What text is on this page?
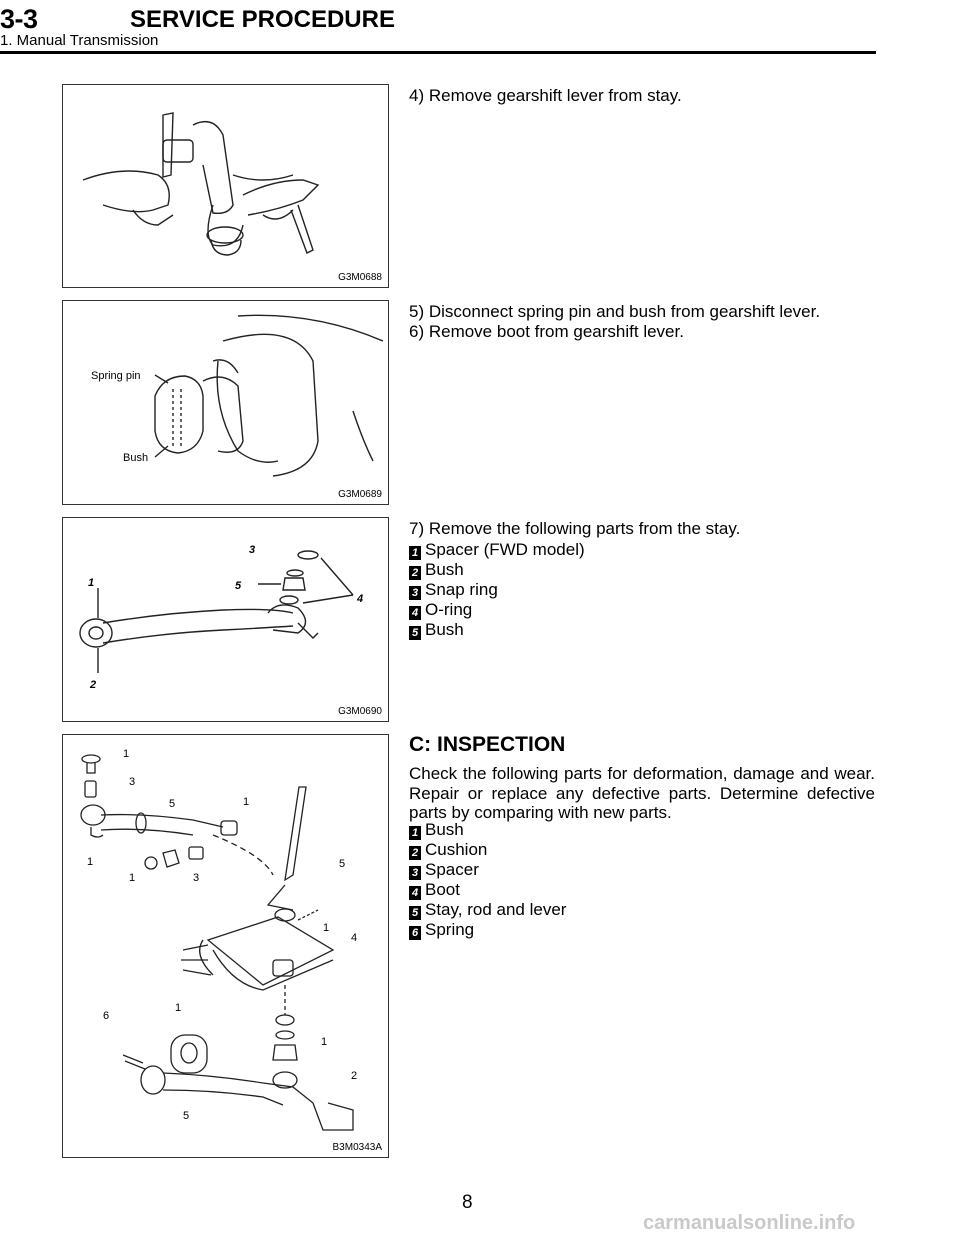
3-3	SERVICE PROCEDURE
1. Manual Transmission
G3M0688
4) Remove gearshift lever from stay.
Spring pin
Bush
G3M0689
5) Disconnect spring pin and bush from gearshift lever.
6) Remove boot from gearshift lever.
3
5
4
1
2
G3M0690
7) Remove the following parts from the stay.
1 Spacer (FWD model)
2 Bush
3 Snap ring
4 O-ring
5 Bush
1
3
5	1
1
1	3
5
1
4
6
1
1
2
5
B3M0343A
C: INSPECTION
Check the following parts for deformation, damage and wear. Repair or replace any defective parts. Determine defective parts by comparing with new parts.
1 Bush
2 Cushion
3 Spacer
4 Boot
5 Stay, rod and lever
6 Spring
8
carmanualsonline.info
